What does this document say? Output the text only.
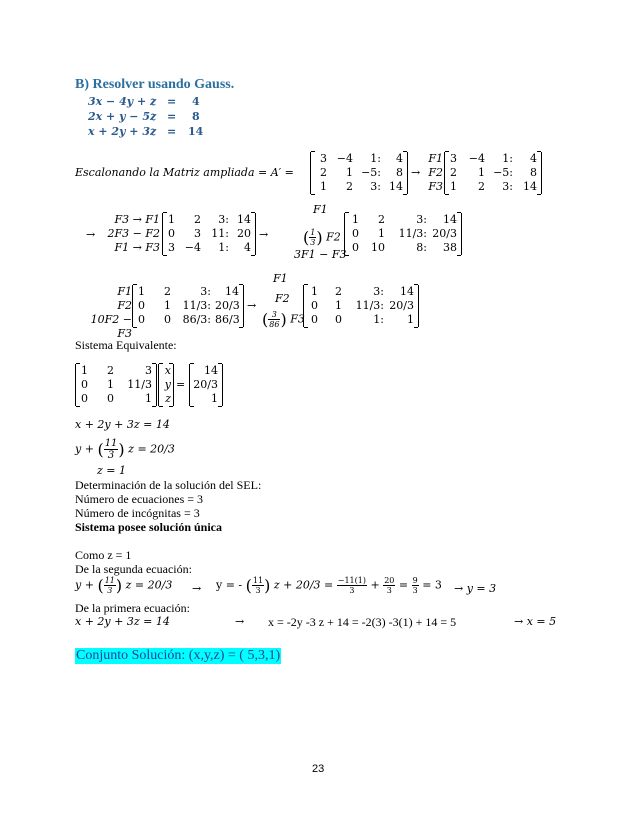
B) Resolver usando Gauss.
3x − 4y + z = 4
2x + y − 5z = 8
x + 2y + 3z = 14
Escalonando la Matriz ampliada = A′ =
3 −4	1:	4
2	1 −5:	8
1	2	3: 14
→
F1
F2
F3
3	−4	1:	4
2	1 −5:	8
1	2	3: 14
→
F3 → F1
2F3 − F2
F1 → F3
1	2	3: 14
0	3 11: 20
3 −4	1:	4
→
F1
( $\frac{1}{3}$ ) F2
3F1 − F3
1	2	3:	14
0	1	11/3: 20/3
0	10	8:	38
F1
F2
10F2 − F3
1	2	3:	14
0	1	11/3: 20/3
0	0	86/3: 86/3
→
F1
F2
( $\frac{3}{86}$ ) F3
1	2	3:	14
0	1	11/3: 20/3
0	0	1:	1
Sistema Equivalente:
1	2	3
0	1	11/3
0	0	1
x
y
z
=
14
20/3
1
x + 2y + 3z = 14
y + ( $\frac{11}{3}$ ) z = 20/3
z = 1
Determinación de la solución del SEL:
Número de ecuaciones = 3
Número de incógnitas = 3
Sistema posee solución única
Como z = 1
De la segunda ecuación:
y + ( $\frac{11}{3}$ ) z = 20/3 → y = - ( $\frac{11}{3}$ ) $z + 20/3 = \frac{-11(1)}{3} + \frac{20}{3} = \frac{9}{3} = 3 \to y = 3$
De la primera ecuación:
x + 2y + 3z = 14	→ x = -2y -3 z + 14 = -2(3) -3(1) + 14 = 5	→ x = 5
Conjunto Solución: (x,y,z) = ( 5,3,1)
23
